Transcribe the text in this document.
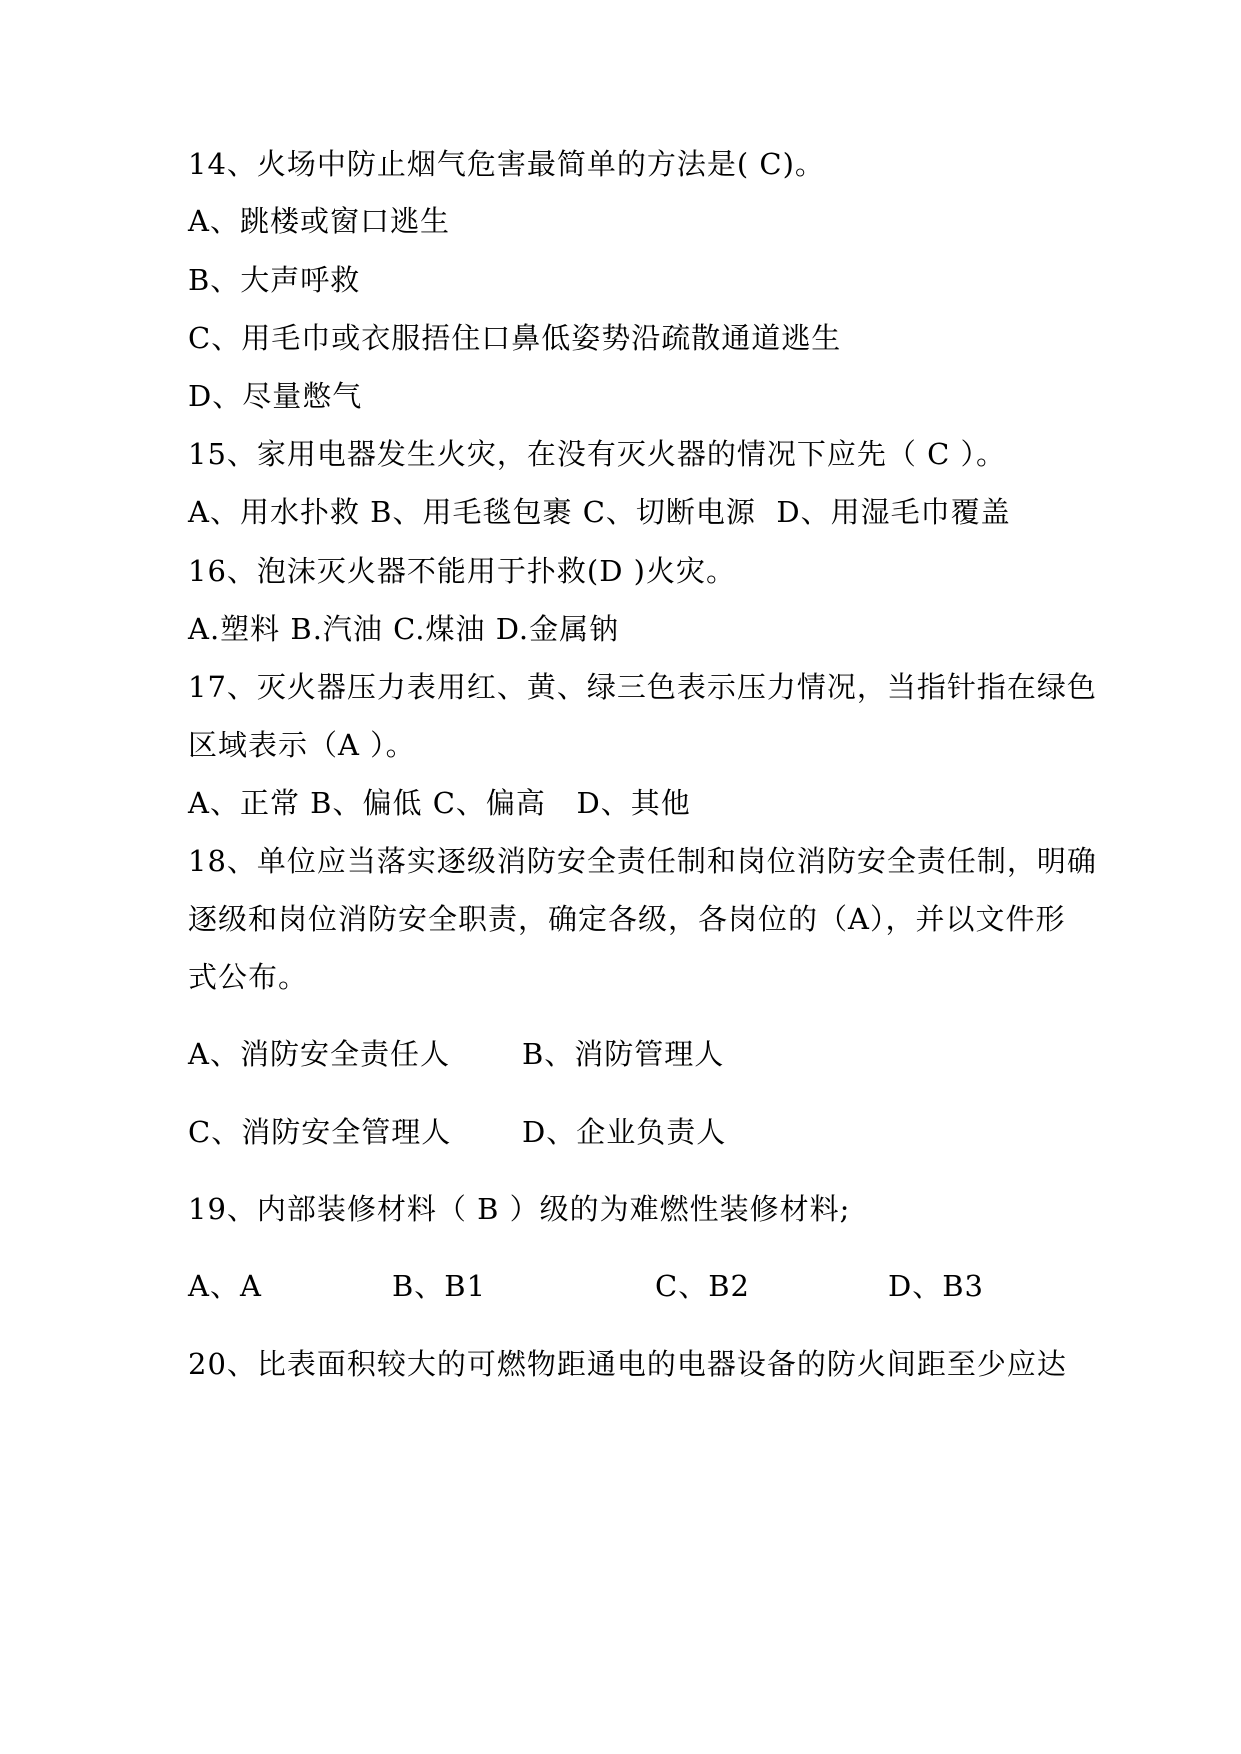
14、火场中防止烟气危害最简单的方法是( C)。
A、跳楼或窗口逃生
B、大声呼救
C、用毛巾或衣服捂住口鼻低姿势沿疏散通道逃生
D、尽量憋气
15、家用电器发生火灾，在没有灭火器的情况下应先（ C ）。
A、用水扑救 B、用毛毯包裹 C、切断电源  D、用湿毛巾覆盖
16、泡沫灭火器不能用于扑救(D )火灾。
A.塑料 B.汽油 C.煤油 D.金属钠
17、灭火器压力表用红、黄、绿三色表示压力情况，当指针指在绿色
区域表示（A ）。
A、正常 B、偏低 C、偏高   D、其他
18、单位应当落实逐级消防安全责任制和岗位消防安全责任制，明确
逐级和岗位消防安全职责，确定各级，各岗位的（A），并以文件形
式公布。
A、消防安全责任人 B、消防管理人
C、消防安全管理人 D、企业负责人
19、内部装修材料（ B ）级的为难燃性装修材料;
A、A	B、B1	C、B2	D、B3
20、比表面积较大的可燃物距通电的电器设备的防火间距至少应达
